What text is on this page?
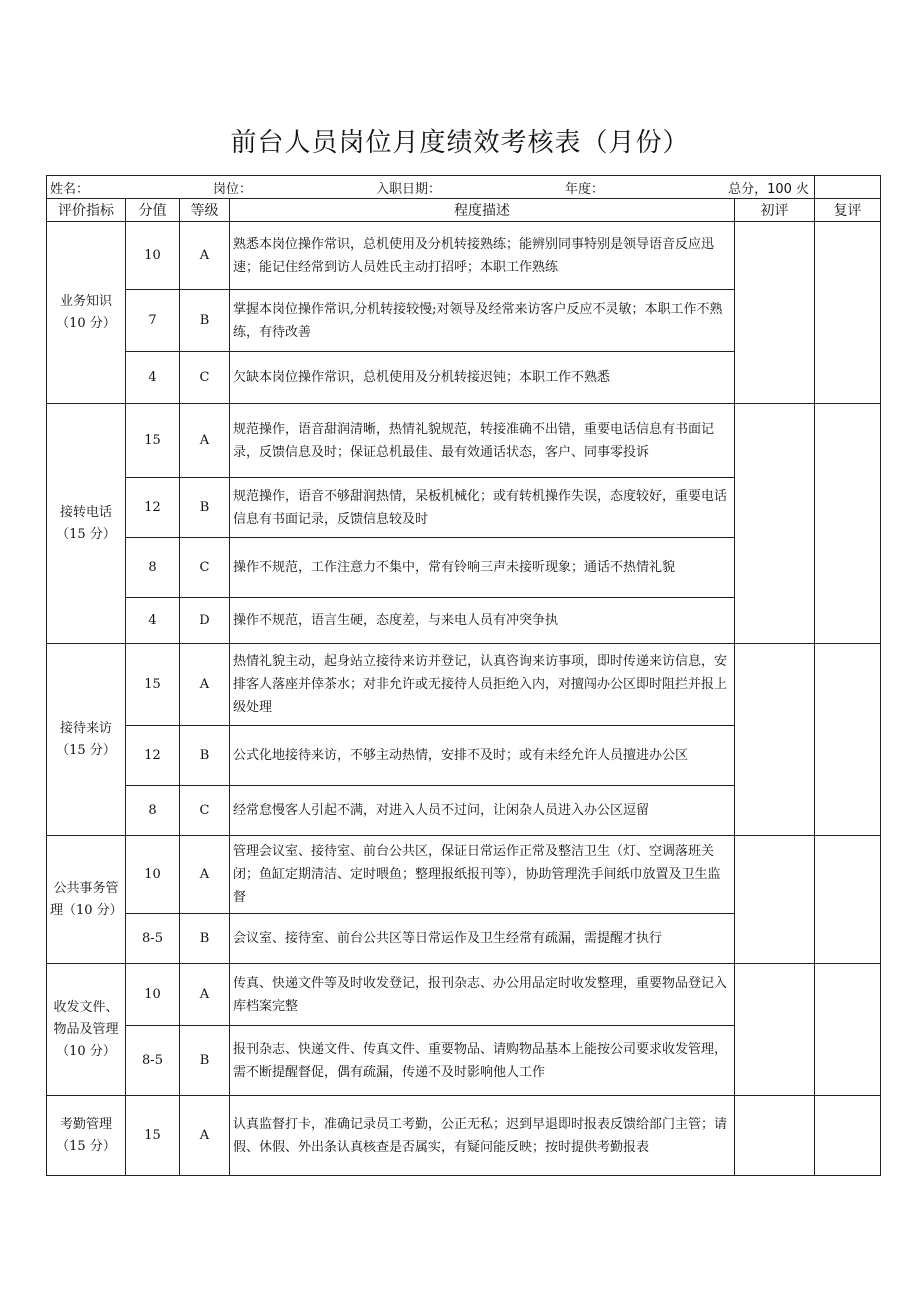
前台人员岗位月度绩效考核表（月份）
姓名： 岗位： 入职日期： 年度： 总分，100 火					

评价指标	分值	等级	程度描述	初评	复评
业务知识（10 分）	10	A	熟悉本岗位操作常识，总机使用及分机转接熟练；能辨别同事特别是领导语音反应迅速；能记住经常到访人员姓氏主动打招呼；本职工作熟练		
	7	B	掌握本岗位操作常识,分机转接较慢;对领导及经常来访客户反应不灵敏；本职工作不熟练，有待改善		
	4	C	欠缺本岗位操作常识，总机使用及分机转接迟钝；本职工作不熟悉		
接转电话（15 分）	15	A	规范操作，语音甜润清晰，热情礼貌规范，转接准确不出错，重要电话信息有书面记录，反馈信息及时；保证总机最佳、最有效通话状态，客户、同事零投诉		
	12	B	规范操作，语音不够甜润热情，呆板机械化；或有转机操作失误，态度较好，重要电话信息有书面记录，反馈信息较及时		
	8	C	操作不规范，工作注意力不集中，常有铃响三声未接听现象；通话不热情礼貌		
	4	D	操作不规范，语言生硬，态度差，与来电人员有冲突争执		
接待来访（15 分）	15	A	热情礼貌主动，起身站立接待来访并登记，认真咨询来访事项，即时传递来访信息，安排客人落座并倖茶水；对非允许或无接待人员拒绝入内，对擅闯办公区即时阻拦并报上级处理		
	12	B	公式化地接待来访，不够主动热情，安排不及时；或有未经允许人员擅进办公区		
	8	C	经常怠慢客人引起不满，对进入人员不过问，让闲杂人员进入办公区逗留		
公共事务管理（10 分）	10	A	管理会议室、接待室、前台公共区，保证日常运作正常及整洁卫生（灯、空调落班关闭；鱼缸定期清洁、定时喂鱼；整理报纸报刊等），协助管理洗手间纸巾放置及卫生监督		
	8-5	B	会议室、接待室、前台公共区等日常运作及卫生经常有疏漏，需提醒才执行		
收发文件、物品及管理（10 分）	10	A	传真、快递文件等及时收发登记，报刊杂志、办公用品定时收发整理，重要物品登记入库档案完整		
	8-5	B	报刊杂志、快递文件、传真文件、重要物品、请购物品基本上能按公司要求收发管理，需不断提醒督促，偶有疏漏，传递不及时影响他人工作		
考勤管理（15 分）	15	A	认真监督打卡，准确记录员工考勤，公正无私；迟到早退即时报表反馈给部门主管；请假、休假、外出条认真核查是否属实，有疑问能反映；按时提供考勤报表		
